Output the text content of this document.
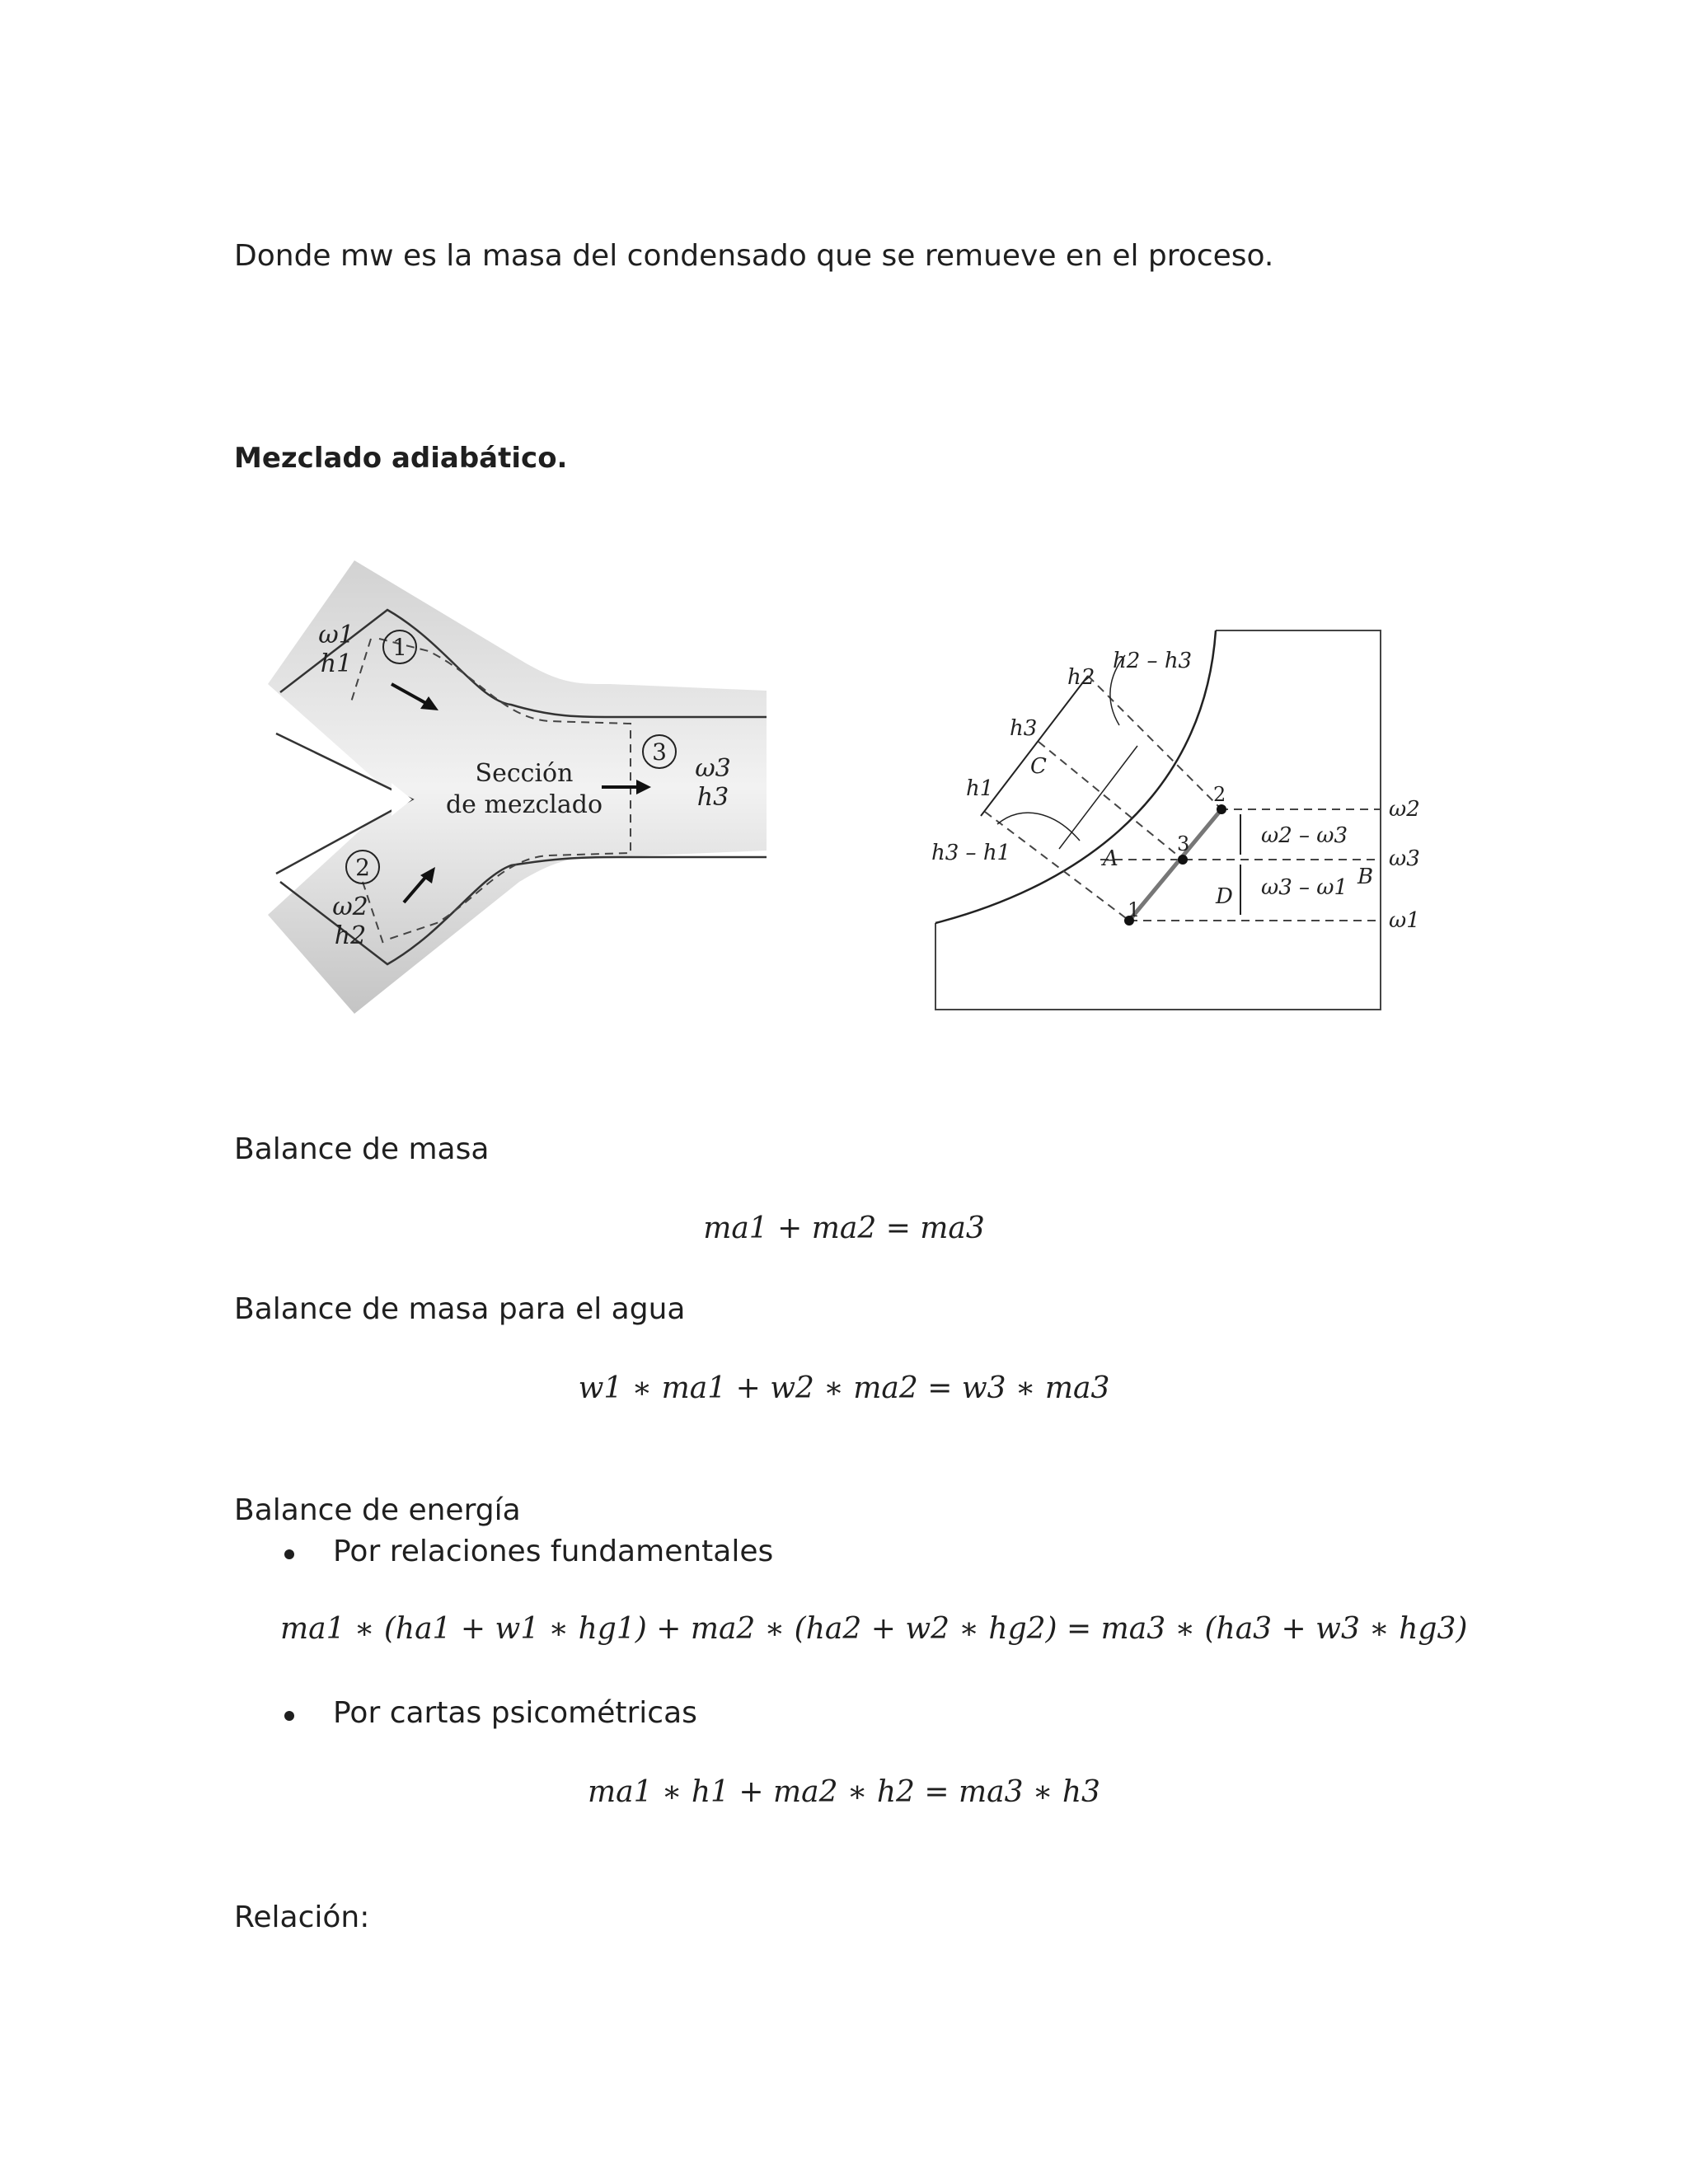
Donde mw es la masa del condensado que se remueve en el proceso.
Mezclado adiabático.
1
2
3
ω1
h1
ω2
h2
ω3
h3
Sección
de mezclado
h2
h2 – h3
h3
C
h1
h3 – h1	A
D
B
1
2
3	ω2 – ω3
ω3 – ω1
ω2
ω3
ω1
Balance de masa
ma1 + ma2 = ma3
Balance de masa para el agua
w1 ∗ ma1 + w2 ∗ ma2 = w3 ∗ ma3
Balance de energía
Por relaciones fundamentales
ma1 ∗ (ha1 + w1 ∗ hg1) + ma2 ∗ (ha2 + w2 ∗ hg2) = ma3 ∗ (ha3 + w3 ∗ hg3)
Por cartas psicométricas
ma1 ∗ h1 + ma2 ∗ h2 = ma3 ∗ h3
Relación:
